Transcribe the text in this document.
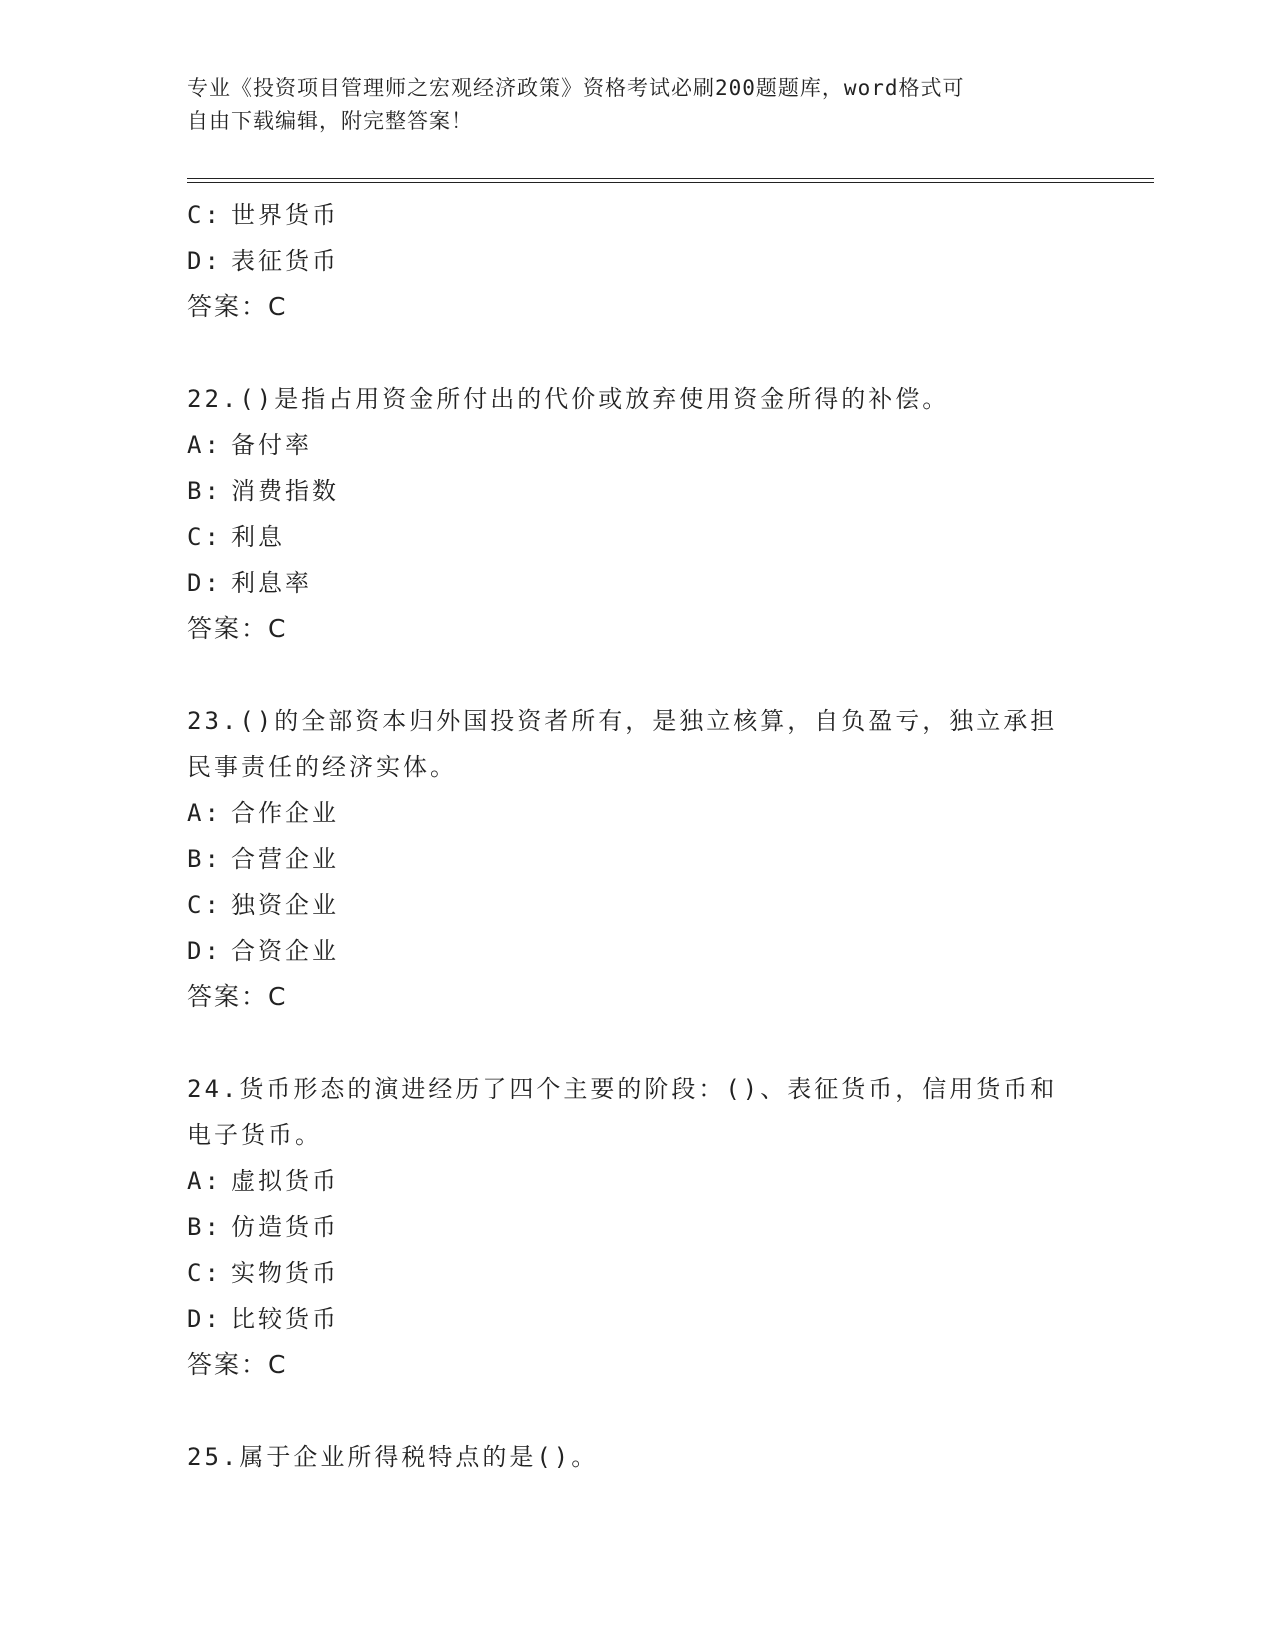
专业《投资项目管理师之宏观经济政策》资格考试必刷200题题库，word格式可
自由下载编辑，附完整答案！
C: 世界货币
D: 表征货币
答案：C
22.()是指占用资金所付出的代价或放弃使用资金所得的补偿。
A: 备付率
B: 消费指数
C: 利息
D: 利息率
答案：C
23.()的全部资本归外国投资者所有，是独立核算，自负盈亏，独立承担民事责任的经济实体。
A: 合作企业
B: 合营企业
C: 独资企业
D: 合资企业
答案：C
24.货币形态的演进经历了四个主要的阶段：()、表征货币，信用货币和电子货币。
A: 虚拟货币
B: 仿造货币
C: 实物货币
D: 比较货币
答案：C
25.属于企业所得税特点的是()。
